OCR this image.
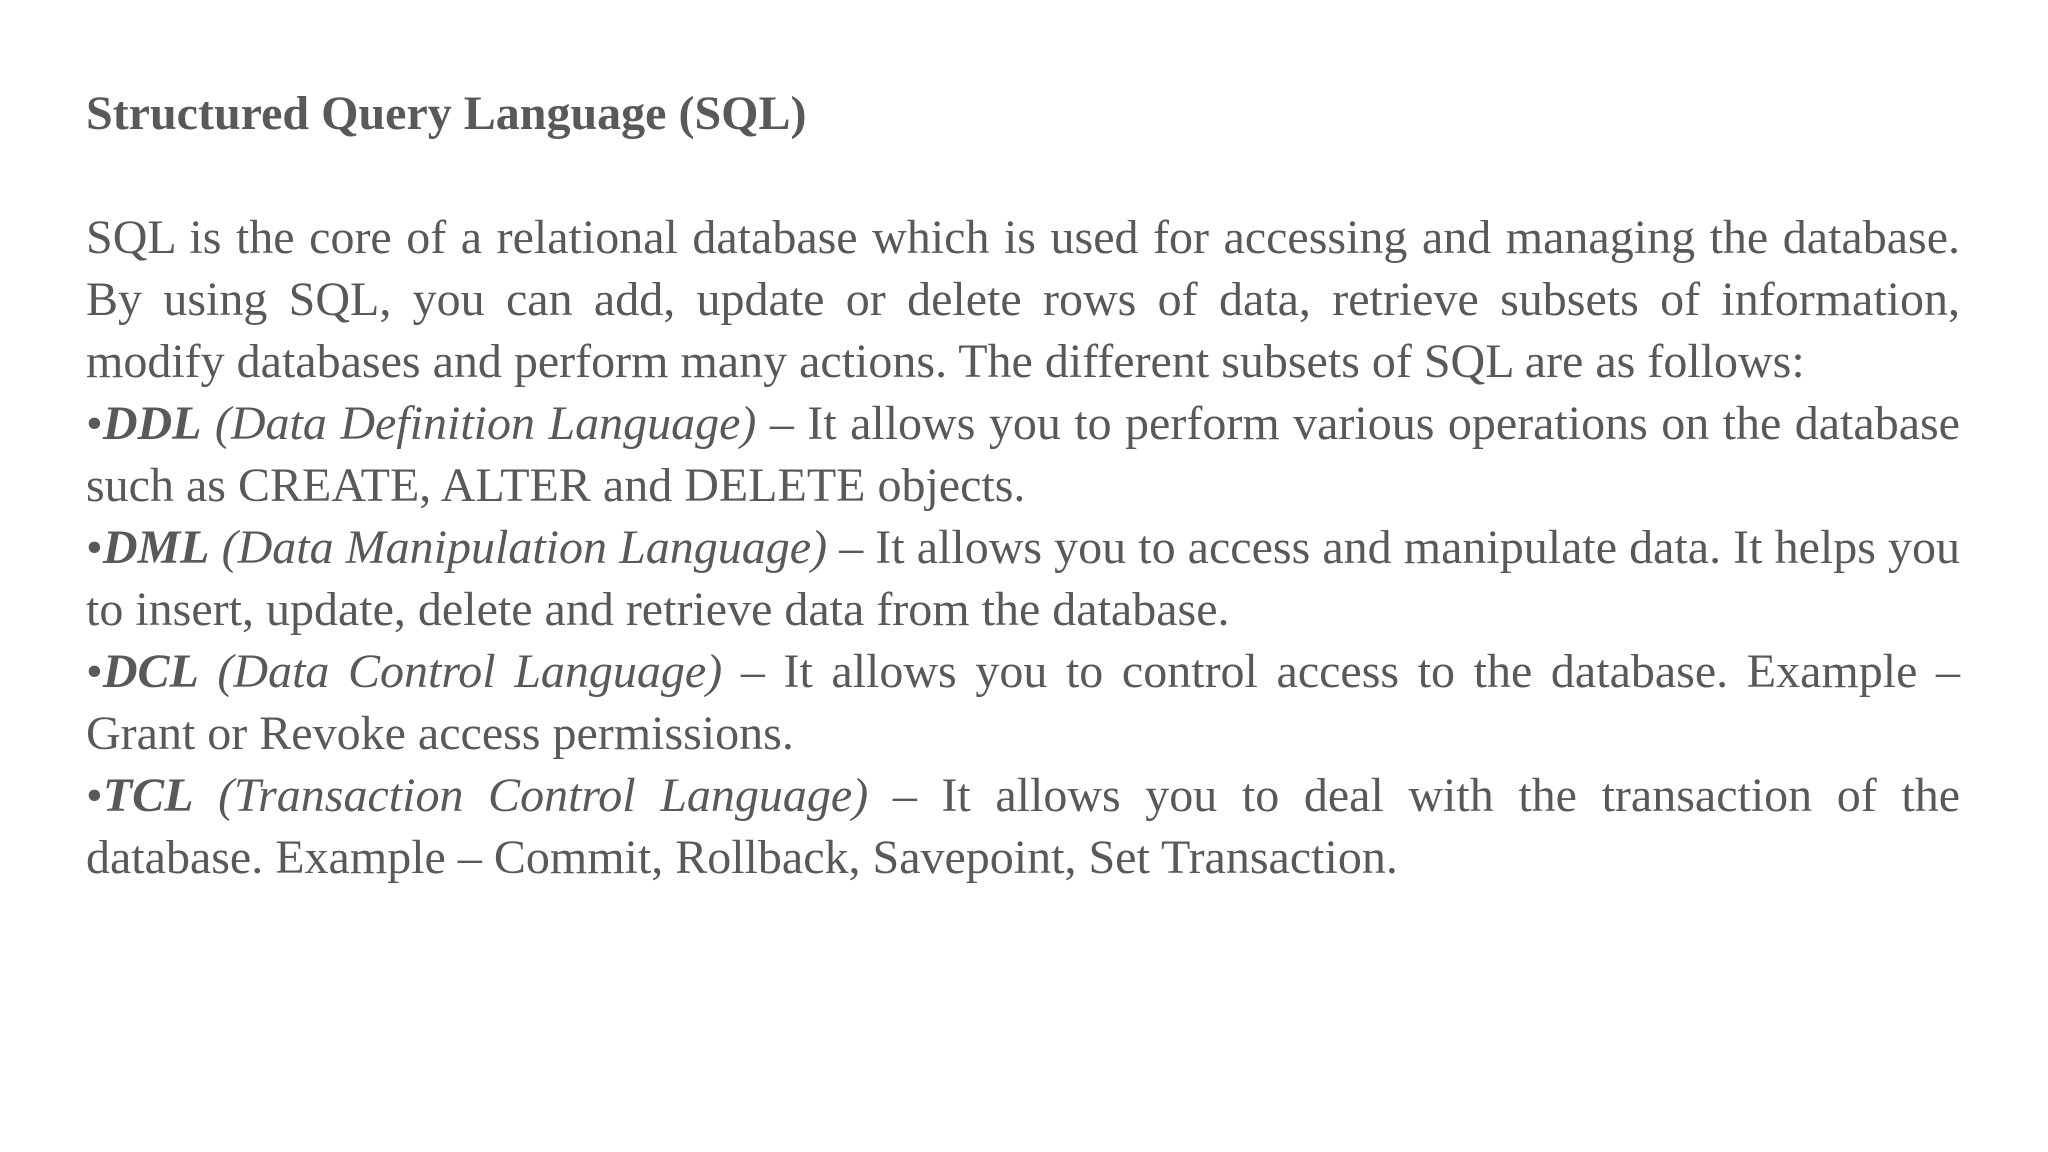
Structured Query Language (SQL)

SQL is the core of a relational database which is used for accessing and managing the database. By using SQL, you can add, update or delete rows of data, retrieve subsets of information, modify databases and perform many actions. The different subsets of SQL are as follows:

•DDL (Data Definition Language) – It allows you to perform various operations on the database such as CREATE, ALTER and DELETE objects.

•DML (Data Manipulation Language) – It allows you to access and manipulate data. It helps you to insert, update, delete and retrieve data from the database.

•DCL (Data Control Language) – It allows you to control access to the database. Example – Grant or Revoke access permissions.

•TCL (Transaction Control Language) – It allows you to deal with the transaction of the database. Example – Commit, Rollback, Savepoint, Set Transaction.
